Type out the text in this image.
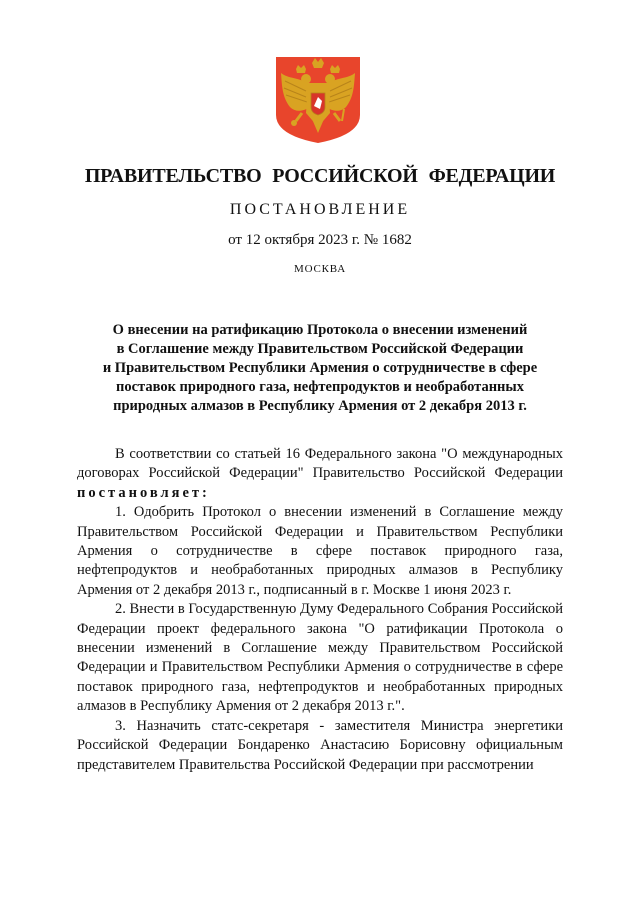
ПРАВИТЕЛЬСТВО РОССИЙСКОЙ ФЕДЕРАЦИИ
ПОСТАНОВЛЕНИЕ
от 12 октября 2023 г. № 1682
МОСКВА
О внесении на ратификацию Протокола о внесении изменений
в Соглашение между Правительством Российской Федерации
и Правительством Республики Армения о сотрудничестве в сфере
поставок природного газа, нефтепродуктов и необработанных
природных алмазов в Республику Армения от 2 декабря 2013 г.

В соответствии со статьей 16 Федерального закона "О международных договорах Российской Федерации" Правительство Российской Федерации постановляет:

1. Одобрить Протокол о внесении изменений в Соглашение между Правительством Российской Федерации и Правительством Республики Армения о сотрудничестве в сфере поставок природного газа, нефтепродуктов и необработанных природных алмазов в Республику Армения от 2 декабря 2013 г., подписанный в г. Москве 1 июня 2023 г.

2. Внести в Государственную Думу Федерального Собрания Российской Федерации проект федерального закона "О ратификации Протокола о внесении изменений в Соглашение между Правительством Российской Федерации и Правительством Республики Армения о сотрудничестве в сфере поставок природного газа, нефтепродуктов и необработанных природных алмазов в Республику Армения от 2 декабря 2013 г.".

3. Назначить статс-секретаря - заместителя Министра энергетики Российской Федерации Бондаренко Анастасию Борисовну официальным представителем Правительства Российской Федерации при рассмотрении
